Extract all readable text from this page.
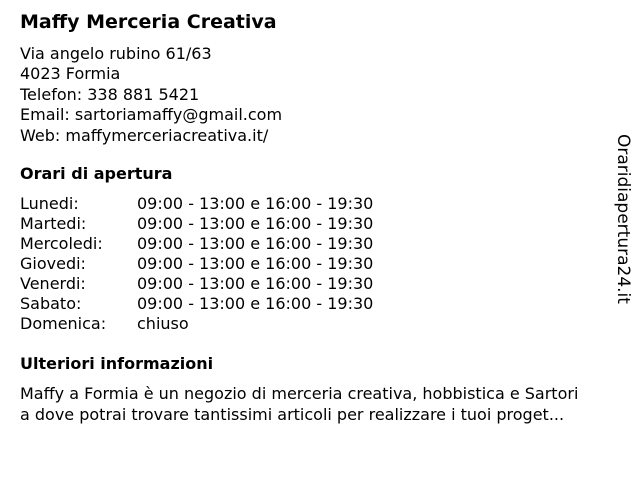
Maffy Merceria Creativa
Via angelo rubino 61/63
4023 Formia
Telefon: 338 881 5421
Email: sartoriamaffy@gmail.com
Web: maffymerceriacreativa.it/
Orari di apertura
Lunedi:	09:00 - 13:00 e 16:00 - 19:30
Martedi:	09:00 - 13:00 e 16:00 - 19:30
Mercoledi:	09:00 - 13:00 e 16:00 - 19:30
Giovedi:	09:00 - 13:00 e 16:00 - 19:30
Venerdi:	09:00 - 13:00 e 16:00 - 19:30
Sabato:	09:00 - 13:00 e 16:00 - 19:30
Domenica:	chiuso
Ulteriori informazioni
Maffy a Formia è un negozio di merceria creativa, hobbistica e Sartori
a dove potrai trovare tantissimi articoli per realizzare i tuoi proget...
Oraridiapertura24.it
